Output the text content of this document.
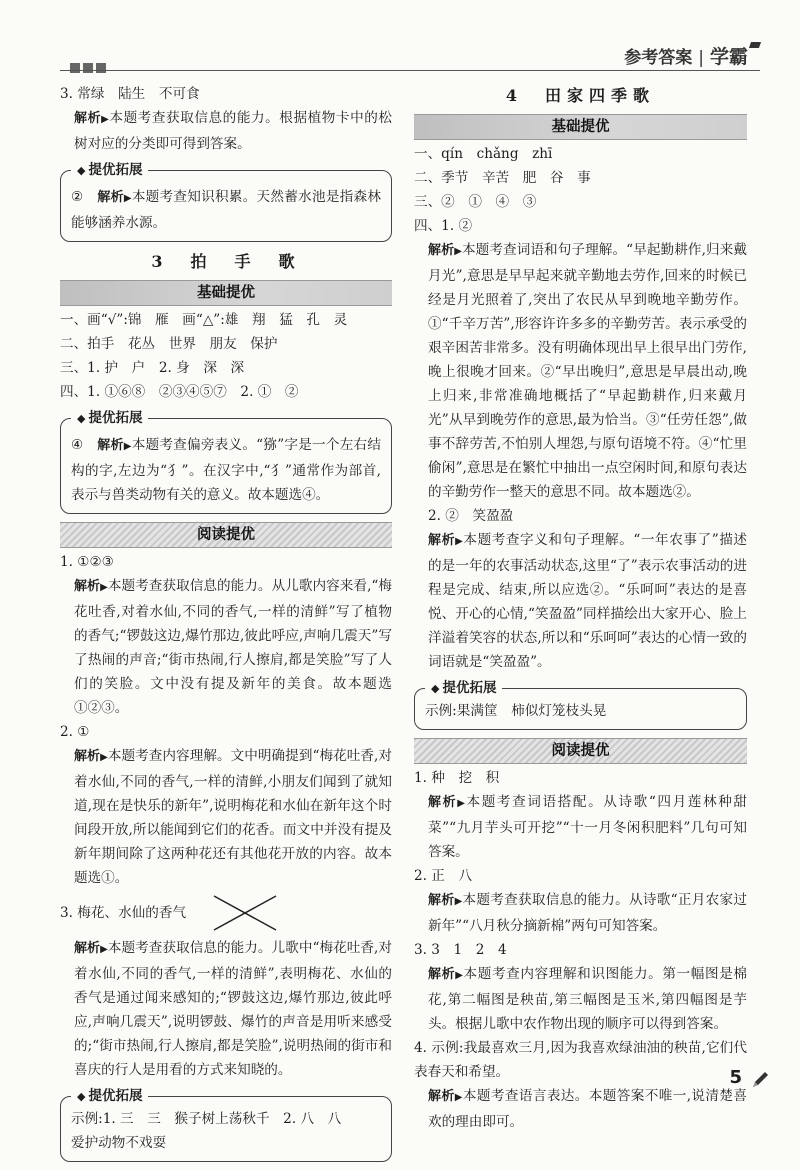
参考答案 | 学霸

3. 常绿　陆生　不可食

解析▶本题考查获取信息的能力。根据植物卡中的松树对应的分类即可得到答案。

◆ 提优拓展

②　解析▶本题考查知识积累。天然蓄水池是指森林能够涵养水源。

3　拍　手　歌
基础提优

一、画“√”:锦　雁　画“△”:雄　翔　猛　孔　灵

二、拍手　花丛　世界　朋友　保护

三、1. 护　户　2. 身　深　深

四、1. ①⑥⑧　②③④⑤⑦　2. ①　②

◆ 提优拓展

④　解析▶本题考查偏旁表义。“猕”字是一个左右结构的字,左边为“犭”。在汉字中,“犭”通常作为部首,表示与兽类动物有关的意义。故本题选④。

阅读提优

1. ①②③

解析▶本题考查获取信息的能力。从儿歌内容来看,“梅花吐香,对着水仙,不同的香气,一样的清鲜”写了植物的香气;“锣鼓这边,爆竹那边,彼此呼应,声响几震天”写了热闹的声音;“街市热闹,行人擦肩,都是笑脸”写了人们的笑脸。文中没有提及新年的美食。故本题选①②③。

2. ①

解析▶本题考查内容理解。文中明确提到“梅花吐香,对着水仙,不同的香气,一样的清鲜,小朋友们闻到了就知道,现在是快乐的新年”,说明梅花和水仙在新年这个时间段开放,所以能闻到它们的花香。而文中并没有提及新年期间除了这两种花还有其他花开放的内容。故本题选①。

3. 梅花、水仙的香气

解析▶本题考查获取信息的能力。儿歌中“梅花吐香,对着水仙,不同的香气,一样的清鲜”,表明梅花、水仙的香气是通过闻来感知的;“锣鼓这边,爆竹那边,彼此呼应,声响几震天”,说明锣鼓、爆竹的声音是用听来感受的;“街市热闹,行人擦肩,都是笑脸”,说明热闹的街市和喜庆的行人是用看的方式来知晓的。

◆ 提优拓展

示例:1. 三　三　猴子树上荡秋千　2. 八　八

爱护动物不戏耍

4　田家四季歌
基础提优

一、qín　chǎng　zhī

二、季节　辛苦　肥　谷　事

三、②　①　④　③

四、1. ②

解析▶本题考查词语和句子理解。“早起勤耕作,归来戴月光”,意思是早早起来就辛勤地去劳作,回来的时候已经是月光照着了,突出了农民从早到晚地辛勤劳作。①“千辛万苦”,形容许许多多的辛勤劳苦。表示承受的艰辛困苦非常多。没有明确体现出早上很早出门劳作,晚上很晚才回来。②“早出晚归”,意思是早晨出动,晚上归来,非常准确地概括了“早起勤耕作,归来戴月光”从早到晚劳作的意思,最为恰当。③“任劳任怨”,做事不辞劳苦,不怕别人埋怨,与原句语境不符。④“忙里偷闲”,意思是在繁忙中抽出一点空闲时间,和原句表达的辛勤劳作一整天的意思不同。故本题选②。

2. ②　笑盈盈

解析▶本题考查字义和句子理解。“一年农事了”描述的是一年的农事活动状态,这里“了”表示农事活动的进程是完成、结束,所以应选②。“乐呵呵”表达的是喜悦、开心的心情,“笑盈盈”同样描绘出大家开心、脸上洋溢着笑容的状态,所以和“乐呵呵”表达的心情一致的词语就是“笑盈盈”。

◆ 提优拓展

示例:果满筐　柿似灯笼枝头晃

阅读提优

1. 种　挖　积

解析▶本题考查词语搭配。从诗歌“四月莲林种甜菜”“九月芋头可开挖”“十一月冬闲积肥料”几句可知答案。

2. 正　八

解析▶本题考查获取信息的能力。从诗歌“正月农家过新年”“八月秋分摘新棉”两句可知答案。

3. 3　1　2　4

解析▶本题考查内容理解和识图能力。第一幅图是棉花,第二幅图是秧苗,第三幅图是玉米,第四幅图是芋头。根据儿歌中农作物出现的顺序可以得到答案。

4. 示例:我最喜欢三月,因为我喜欢绿油油的秧苗,它们代表春天和希望。

解析▶本题考查语言表达。本题答案不唯一,说清楚喜欢的理由即可。

5
